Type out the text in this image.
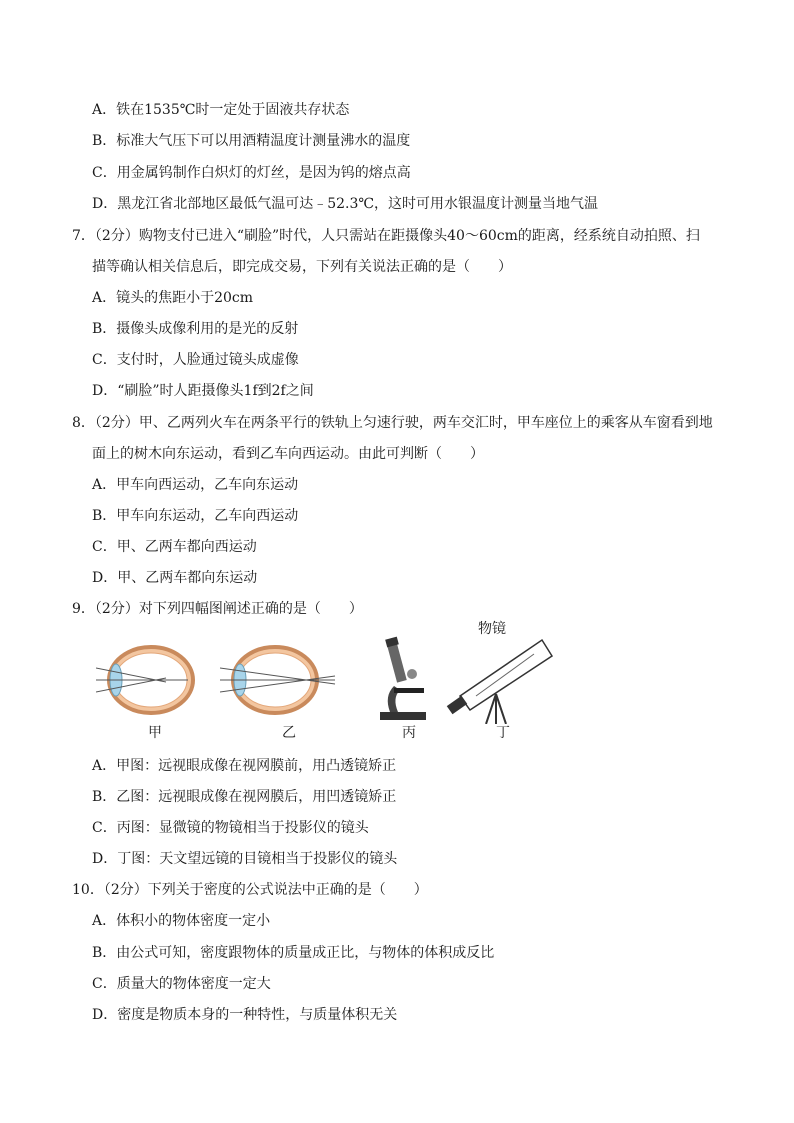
A．铁在1535℃时一定处于固液共存状态
B．标准大气压下可以用酒精温度计测量沸水的温度
C．用金属钨制作白炽灯的灯丝，是因为钨的熔点高
D．黑龙江省北部地区最低气温可达﹣52.3℃，这时可用水银温度计测量当地气温
7．（2分）购物支付已进入“刷脸”时代，人只需站在距摄像头40～60cm的距离，经系统自动拍照、扫
描等确认相关信息后，即完成交易，下列有关说法正确的是（　　）
A．镜头的焦距小于20cm
B．摄像头成像利用的是光的反射
C．支付时，人脸通过镜头成虚像
D．“刷脸”时人距摄像头1f到2f之间
8．（2分）甲、乙两列火车在两条平行的铁轨上匀速行驶，两车交汇时，甲车座位上的乘客从车窗看到地
面上的树木向东运动，看到乙车向西运动。由此可判断（　　）
A．甲车向西运动，乙车向东运动
B．甲车向东运动，乙车向西运动
C．甲、乙两车都向西运动
D．甲、乙两车都向东运动
9．（2分）对下列四幅图阐述正确的是（　　）
物镜
甲	乙	丙	丁
A．甲图：远视眼成像在视网膜前，用凸透镜矫正
B．乙图：远视眼成像在视网膜后，用凹透镜矫正
C．丙图：显微镜的物镜相当于投影仪的镜头
D．丁图：天文望远镜的目镜相当于投影仪的镜头
10．（2分）下列关于密度的公式说法中正确的是（　　）
A．体积小的物体密度一定小
B．由公式可知，密度跟物体的质量成正比，与物体的体积成反比
C．质量大的物体密度一定大
D．密度是物质本身的一种特性，与质量体积无关
